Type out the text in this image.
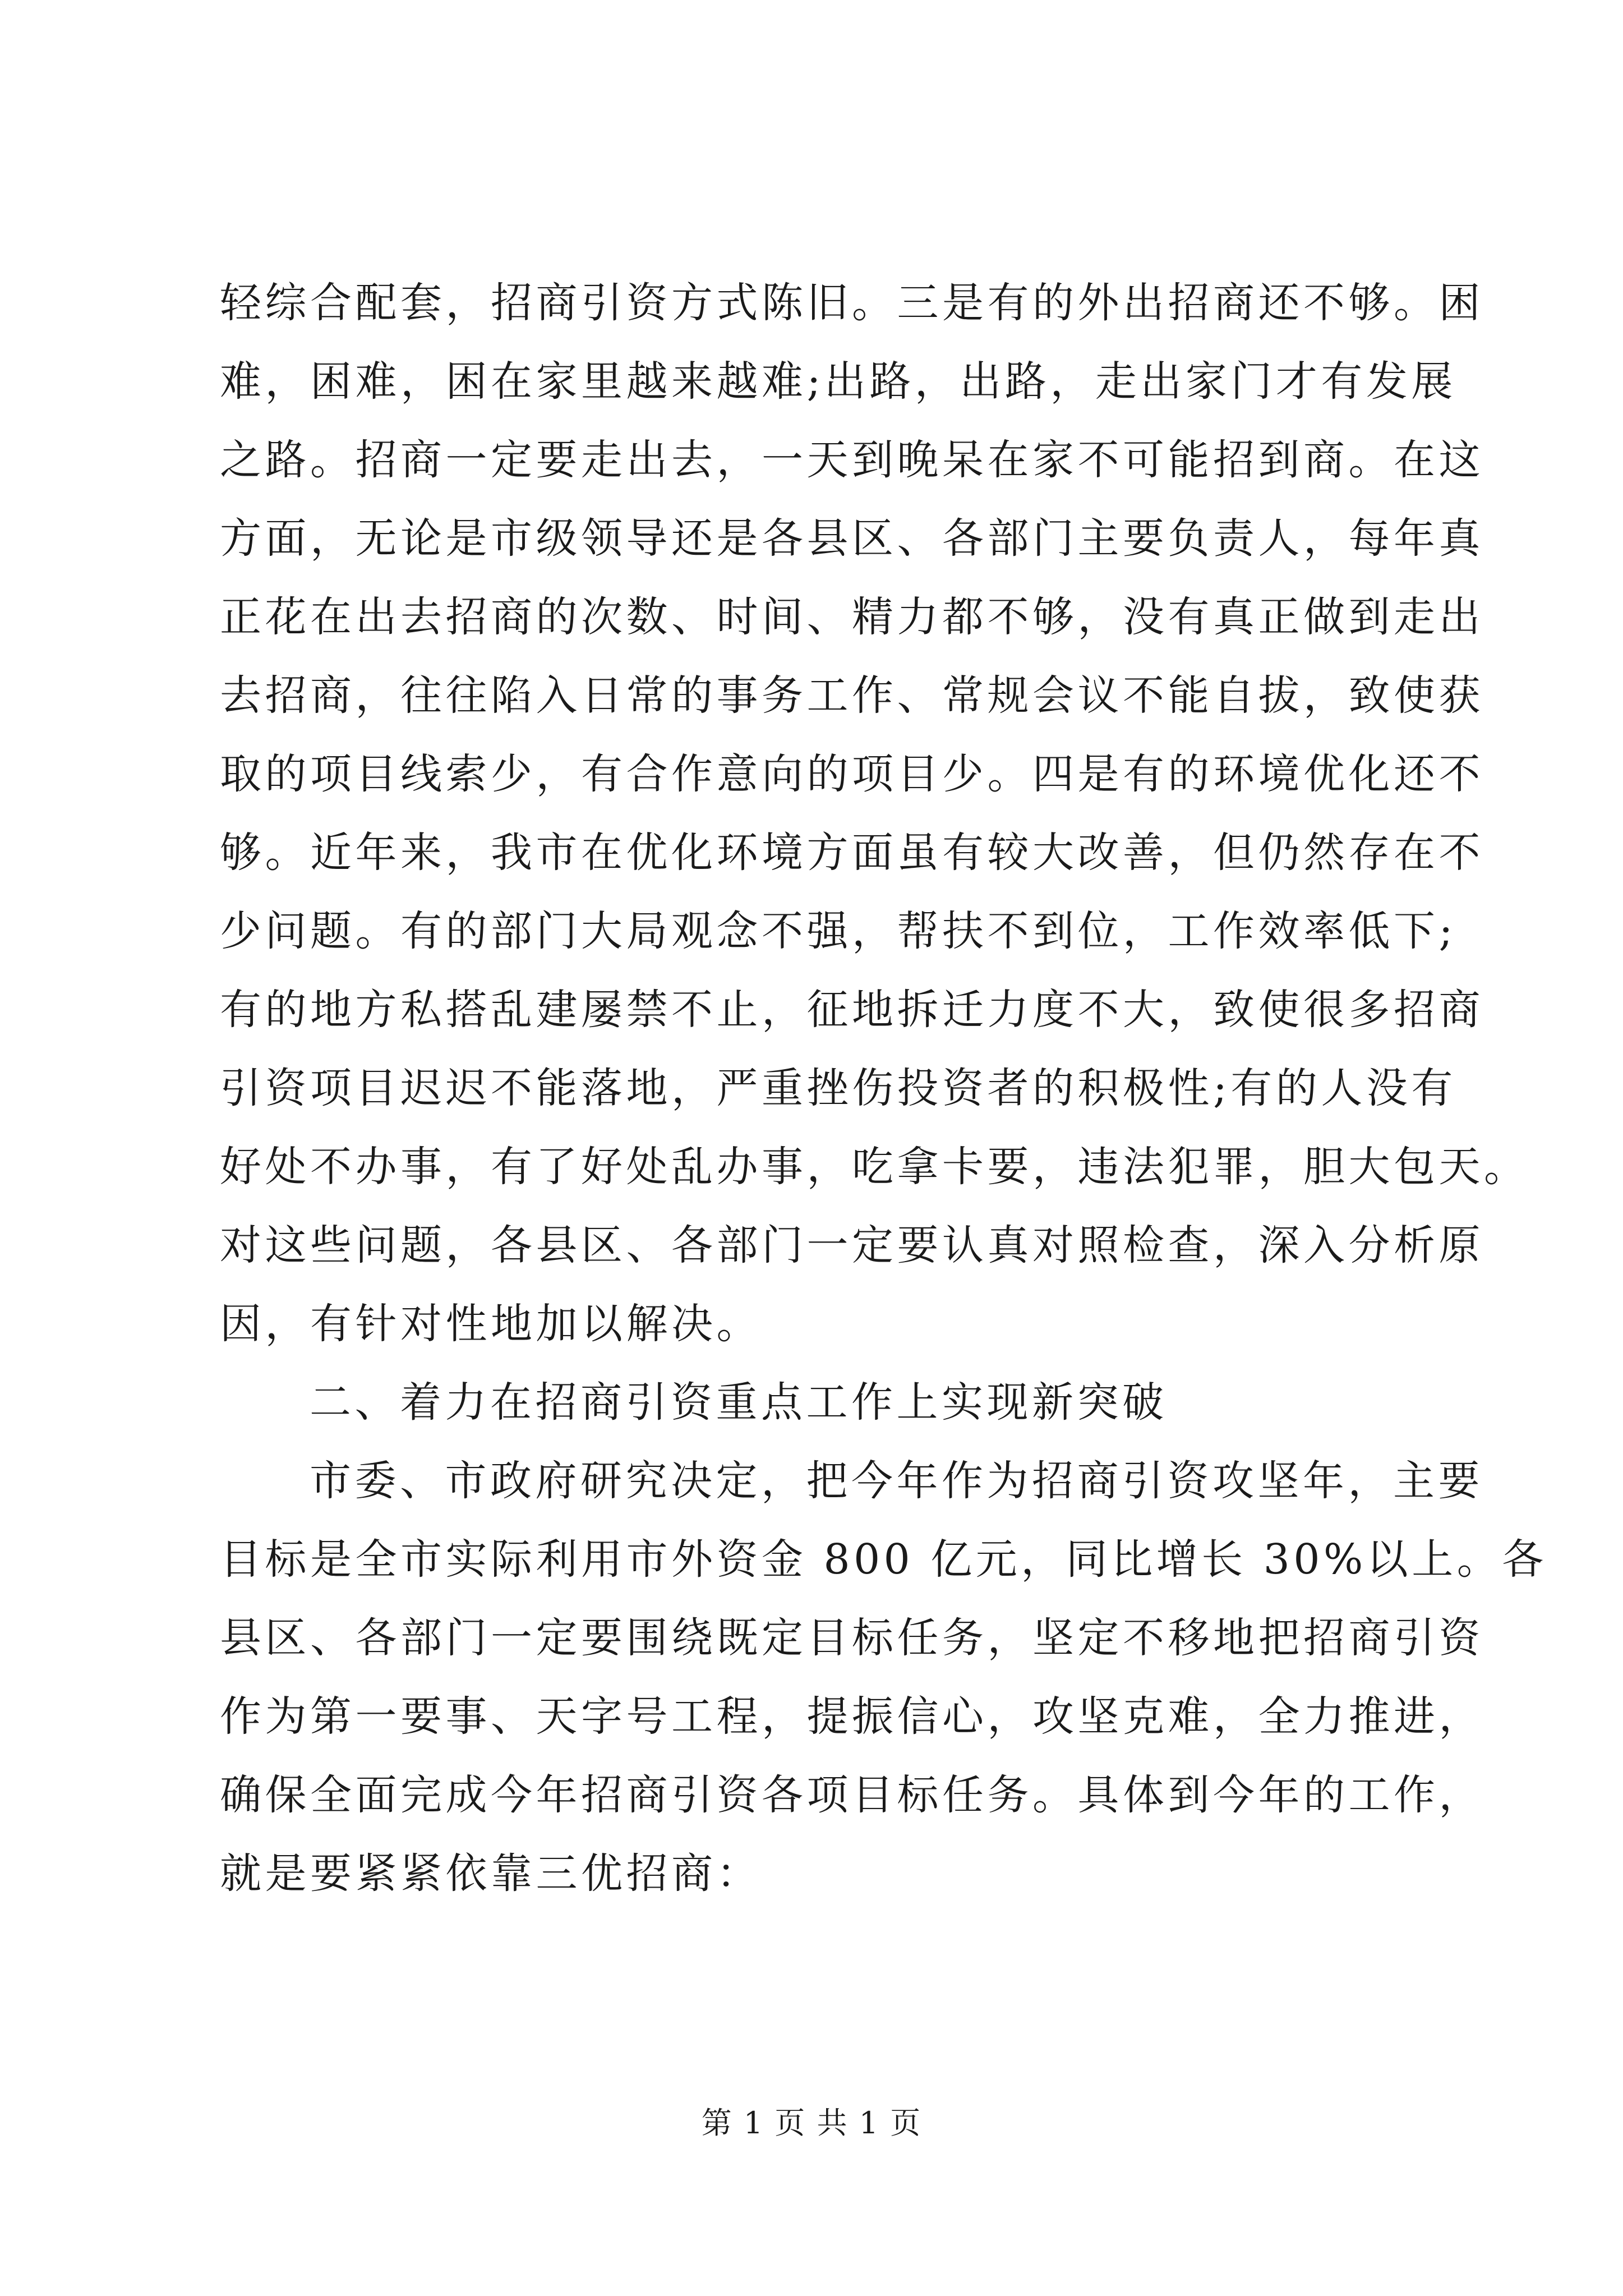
轻综合配套，招商引资方式陈旧。三是有的外出招商还不够。困
难，困难，困在家里越来越难;出路，出路，走出家门才有发展
之路。招商一定要走出去，一天到晚呆在家不可能招到商。在这
方面，无论是市级领导还是各县区、各部门主要负责人，每年真
正花在出去招商的次数、时间、精力都不够，没有真正做到走出
去招商，往往陷入日常的事务工作、常规会议不能自拔，致使获
取的项目线索少，有合作意向的项目少。四是有的环境优化还不
够。近年来，我市在优化环境方面虽有较大改善，但仍然存在不
少问题。有的部门大局观念不强，帮扶不到位，工作效率低下;
有的地方私搭乱建屡禁不止，征地拆迁力度不大，致使很多招商
引资项目迟迟不能落地，严重挫伤投资者的积极性;有的人没有
好处不办事，有了好处乱办事，吃拿卡要，违法犯罪，胆大包天。
对这些问题，各县区、各部门一定要认真对照检查，深入分析原
因，有针对性地加以解决。
二、着力在招商引资重点工作上实现新突破
市委、市政府研究决定，把今年作为招商引资攻坚年，主要
目标是全市实际利用市外资金 800 亿元，同比增长 30%以上。各
县区、各部门一定要围绕既定目标任务，坚定不移地把招商引资
作为第一要事、天字号工程，提振信心，攻坚克难，全力推进，
确保全面完成今年招商引资各项目标任务。具体到今年的工作，
就是要紧紧依靠三优招商：
第 1 页 共 1 页
